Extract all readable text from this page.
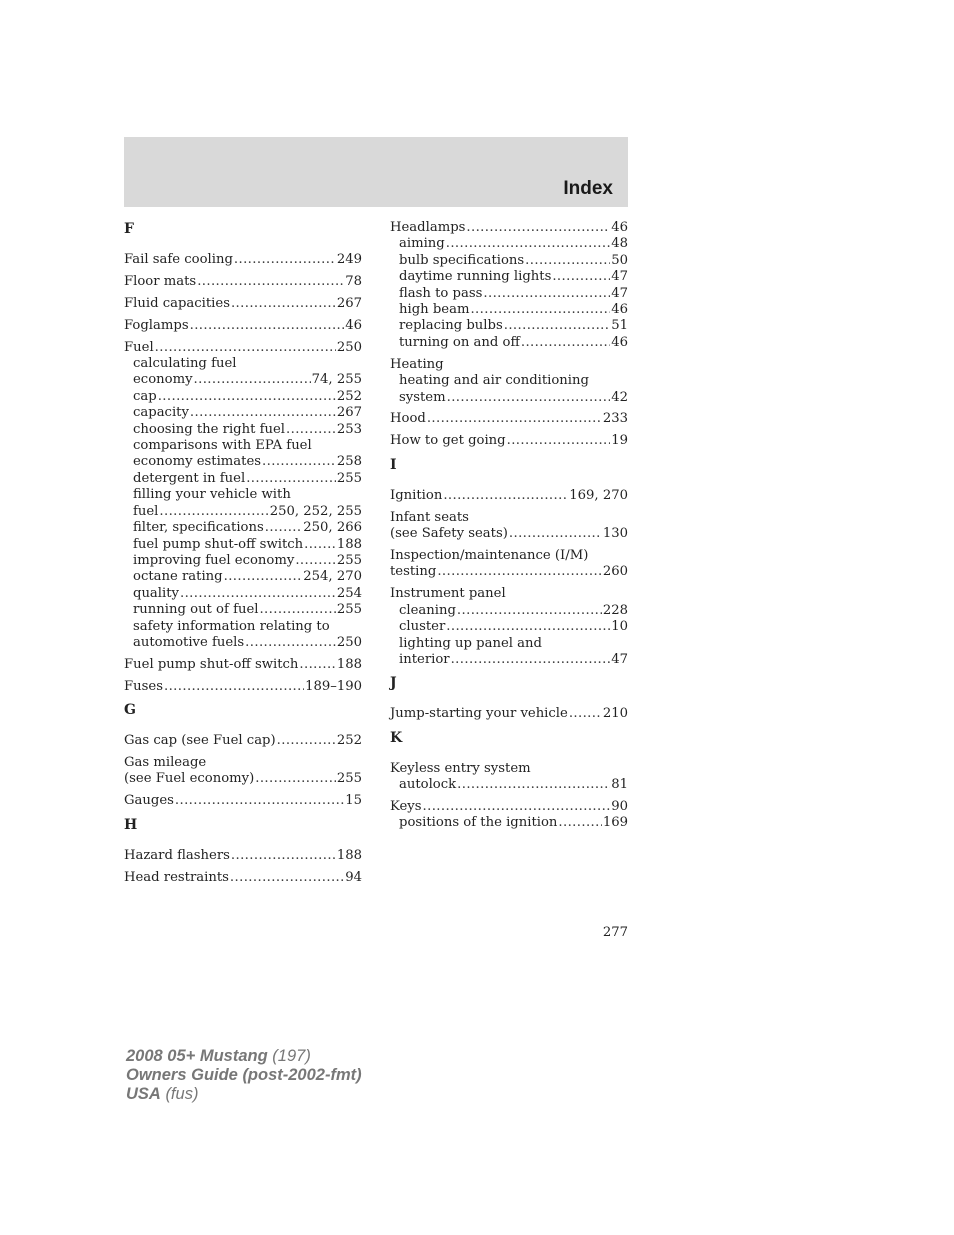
Index
F
Fail safe cooling .....	249
Floor mats .....	78
Fluid capacities .....	267
Foglamps .....	46
Fuel .....	250
calculating fuel
economy .....	74, 255
cap .....	252
capacity .....	267
choosing the right fuel .....	253
comparisons with EPA fuel
economy estimates .....	258
detergent in fuel .....	255
filling your vehicle with
fuel .....	250, 252, 255
filter, specifications .....	250, 266
fuel pump shut-off switch .....	188
improving fuel economy .....	255
octane rating .....	254, 270
quality .....	254
running out of fuel .....	255
safety information relating to
automotive fuels .....	250
Fuel pump shut-off switch .....	188
Fuses .....	189–190
G
Gas cap (see Fuel cap) .....	252
Gas mileage
(see Fuel economy) .....	255
Gauges .....	15
H
Hazard flashers .....	188
Head restraints .....	94
Headlamps .....	46
aiming .....	48
bulb specifications .....	50
daytime running lights .....	47
flash to pass .....	47
high beam .....	46
replacing bulbs .....	51
turning on and off .....	46
Heating
heating and air conditioning
system .....	42
Hood .....	233
How to get going .....	19
I
Ignition .....	169, 270
Infant seats
(see Safety seats) .....	130
Inspection/maintenance (I/M)
testing .....	260
Instrument panel
cleaning .....	228
cluster .....	10
lighting up panel and
interior .....	47
J
Jump-starting your vehicle .....	210
K
Keyless entry system
autolock .....	81
Keys .....	90
positions of the ignition .....	169
277
2008 05+ Mustang (197)
Owners Guide (post-2002-fmt)
USA (fus)
